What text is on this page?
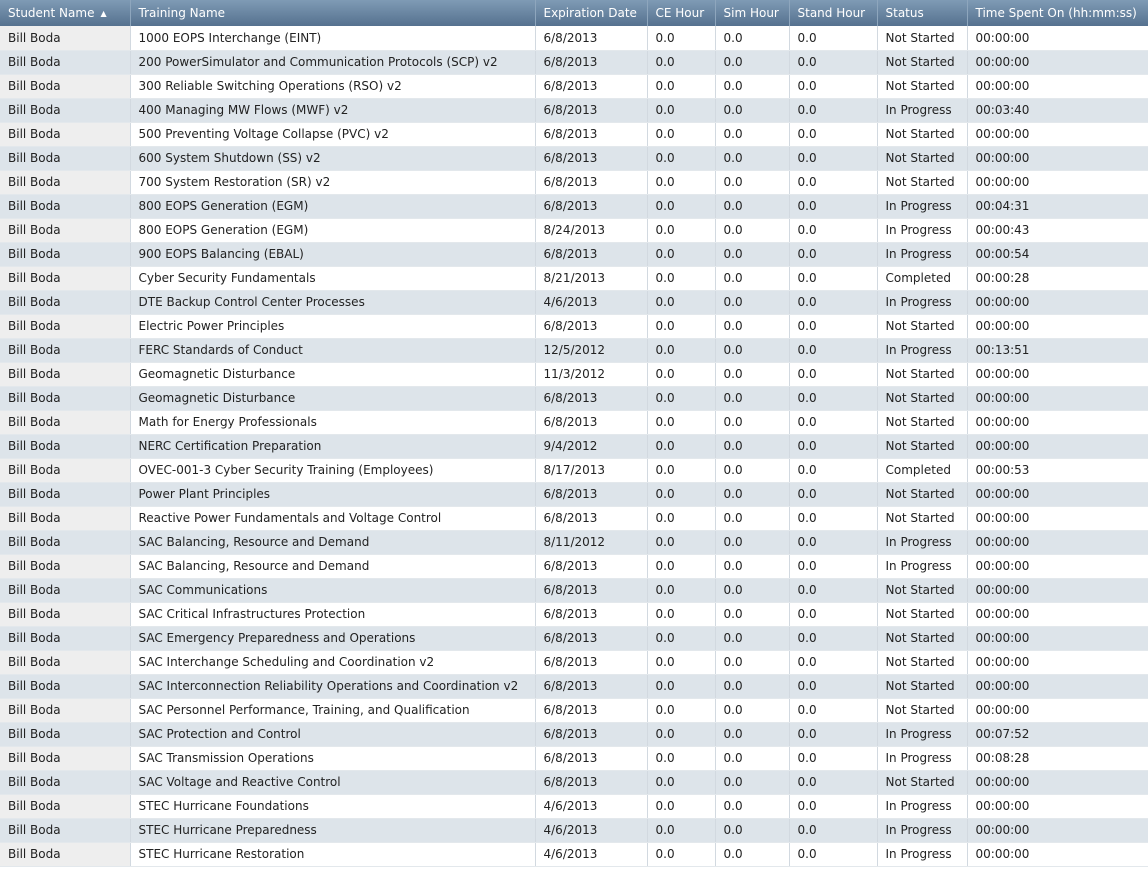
Student Name ▲	Training Name	Expiration Date	CE Hour	Sim Hour	Stand Hour	Status	Time Spent On (hh:mm:ss)
Bill Boda	1000 EOPS Interchange (EINT)	6/8/2013	0.0	0.0	0.0	Not Started	00:00:00
Bill Boda	200 PowerSimulator and Communication Protocols (SCP) v2	6/8/2013	0.0	0.0	0.0	Not Started	00:00:00
Bill Boda	300 Reliable Switching Operations (RSO) v2	6/8/2013	0.0	0.0	0.0	Not Started	00:00:00
Bill Boda	400 Managing MW Flows (MWF) v2	6/8/2013	0.0	0.0	0.0	In Progress	00:03:40
Bill Boda	500 Preventing Voltage Collapse (PVC) v2	6/8/2013	0.0	0.0	0.0	Not Started	00:00:00
Bill Boda	600 System Shutdown (SS) v2	6/8/2013	0.0	0.0	0.0	Not Started	00:00:00
Bill Boda	700 System Restoration (SR) v2	6/8/2013	0.0	0.0	0.0	Not Started	00:00:00
Bill Boda	800 EOPS Generation (EGM)	6/8/2013	0.0	0.0	0.0	In Progress	00:04:31
Bill Boda	800 EOPS Generation (EGM)	8/24/2013	0.0	0.0	0.0	In Progress	00:00:43
Bill Boda	900 EOPS Balancing (EBAL)	6/8/2013	0.0	0.0	0.0	In Progress	00:00:54
Bill Boda	Cyber Security Fundamentals	8/21/2013	0.0	0.0	0.0	Completed	00:00:28
Bill Boda	DTE Backup Control Center Processes	4/6/2013	0.0	0.0	0.0	In Progress	00:00:00
Bill Boda	Electric Power Principles	6/8/2013	0.0	0.0	0.0	Not Started	00:00:00
Bill Boda	FERC Standards of Conduct	12/5/2012	0.0	0.0	0.0	In Progress	00:13:51
Bill Boda	Geomagnetic Disturbance	11/3/2012	0.0	0.0	0.0	Not Started	00:00:00
Bill Boda	Geomagnetic Disturbance	6/8/2013	0.0	0.0	0.0	Not Started	00:00:00
Bill Boda	Math for Energy Professionals	6/8/2013	0.0	0.0	0.0	Not Started	00:00:00
Bill Boda	NERC Certification Preparation	9/4/2012	0.0	0.0	0.0	Not Started	00:00:00
Bill Boda	OVEC-001-3 Cyber Security Training (Employees)	8/17/2013	0.0	0.0	0.0	Completed	00:00:53
Bill Boda	Power Plant Principles	6/8/2013	0.0	0.0	0.0	Not Started	00:00:00
Bill Boda	Reactive Power Fundamentals and Voltage Control	6/8/2013	0.0	0.0	0.0	Not Started	00:00:00
Bill Boda	SAC Balancing, Resource and Demand	8/11/2012	0.0	0.0	0.0	In Progress	00:00:00
Bill Boda	SAC Balancing, Resource and Demand	6/8/2013	0.0	0.0	0.0	In Progress	00:00:00
Bill Boda	SAC Communications	6/8/2013	0.0	0.0	0.0	Not Started	00:00:00
Bill Boda	SAC Critical Infrastructures Protection	6/8/2013	0.0	0.0	0.0	Not Started	00:00:00
Bill Boda	SAC Emergency Preparedness and Operations	6/8/2013	0.0	0.0	0.0	Not Started	00:00:00
Bill Boda	SAC Interchange Scheduling and Coordination v2	6/8/2013	0.0	0.0	0.0	Not Started	00:00:00
Bill Boda	SAC Interconnection Reliability Operations and Coordination v2	6/8/2013	0.0	0.0	0.0	Not Started	00:00:00
Bill Boda	SAC Personnel Performance, Training, and Qualification	6/8/2013	0.0	0.0	0.0	Not Started	00:00:00
Bill Boda	SAC Protection and Control	6/8/2013	0.0	0.0	0.0	In Progress	00:07:52
Bill Boda	SAC Transmission Operations	6/8/2013	0.0	0.0	0.0	In Progress	00:08:28
Bill Boda	SAC Voltage and Reactive Control	6/8/2013	0.0	0.0	0.0	Not Started	00:00:00
Bill Boda	STEC Hurricane Foundations	4/6/2013	0.0	0.0	0.0	In Progress	00:00:00
Bill Boda	STEC Hurricane Preparedness	4/6/2013	0.0	0.0	0.0	In Progress	00:00:00
Bill Boda	STEC Hurricane Restoration	4/6/2013	0.0	0.0	0.0	In Progress	00:00:00
